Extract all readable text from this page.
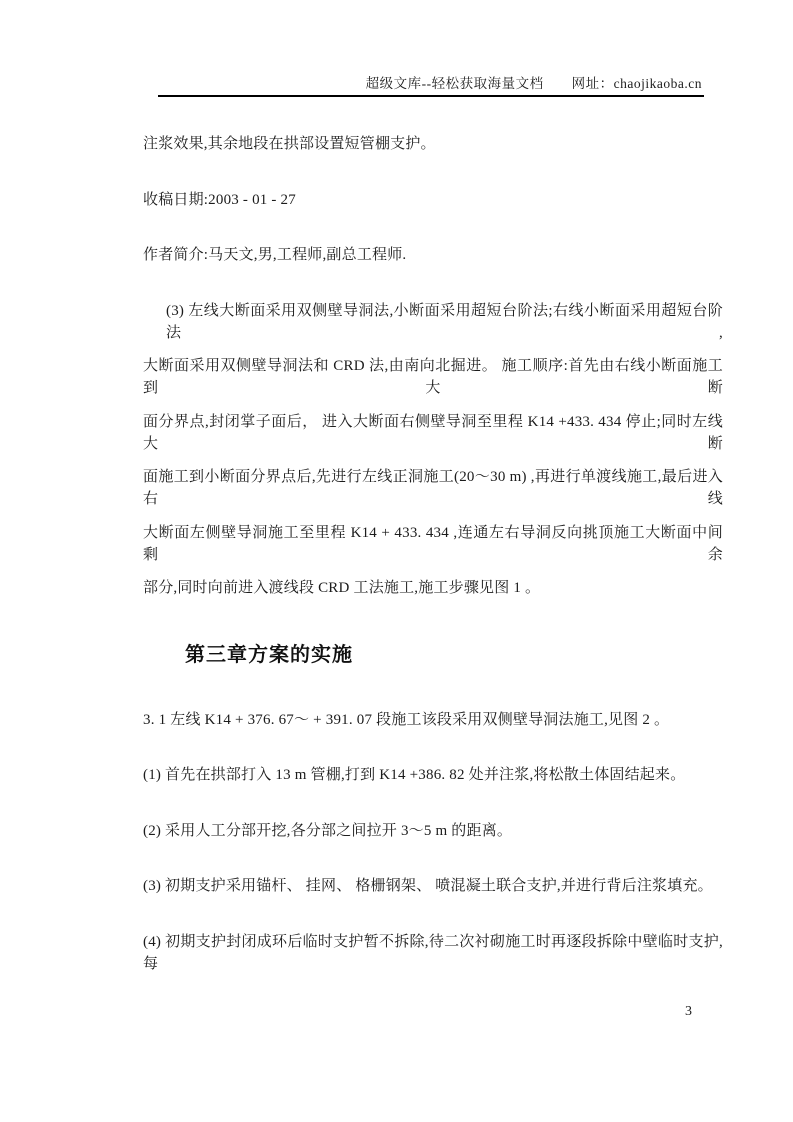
超级文库--轻松获取海量文档　　网址：chaojikaoba.cn
注浆效果,其余地段在拱部设置短管棚支护。
收稿日期:2003 - 01 - 27
作者简介:马天文,男,工程师,副总工程师.
(3) 左线大断面采用双侧壁导洞法,小断面采用超短台阶法;右线小断面采用超短台阶法,
大断面采用双侧壁导洞法和 CRD 法,由南向北掘进。 施工顺序:首先由右线小断面施工到大断
面分界点,封闭掌子面后， 进入大断面右侧壁导洞至里程 K14 +433. 434 停止;同时左线大断
面施工到小断面分界点后,先进行左线正洞施工(20～30 m) ,再进行单渡线施工,最后进入右线
大断面左侧壁导洞施工至里程 K14 + 433. 434 ,连通左右导洞反向挑顶施工大断面中间剩余
部分,同时向前进入渡线段 CRD 工法施工,施工步骤见图 1 。
第三章方案的实施
3. 1 左线 K14 + 376. 67～ + 391. 07 段施工该段采用双侧壁导洞法施工,见图 2 。
(1) 首先在拱部打入 13 m 管棚,打到 K14 +386. 82 处并注浆,将松散土体固结起来。
(2) 采用人工分部开挖,各分部之间拉开 3～5 m 的距离。
(3) 初期支护采用锚杆、 挂网、 格栅钢架、 喷混凝土联合支护,并进行背后注浆填充。
(4) 初期支护封闭成环后临时支护暂不拆除,待二次衬砌施工时再逐段拆除中壁临时支护,每
3
